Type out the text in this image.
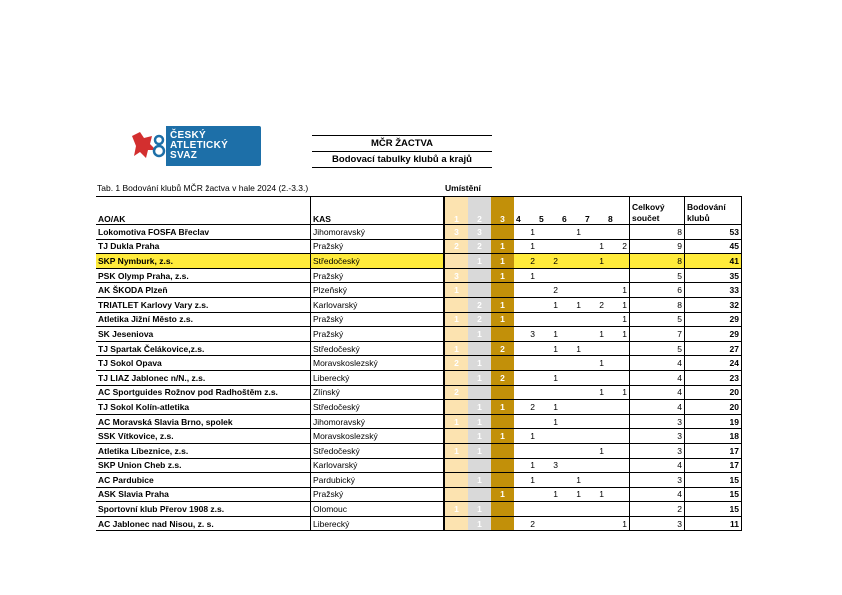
ČESKÝ
ATLETICKÝ
SVAZ
MČR ŽACTVA
Bodovací tabulky klubů a krajů
Tab. 1 Bodování klubů MČR žactva v hale 2024 (2.-3.3.)	Umístění
AO/AK	KAS	1	2	3	4	5	6	7	8	Celkový součet	Bodování klubů
Lokomotiva FOSFA Břeclav	Jihomoravský	3	3		1		1			8	53
TJ Dukla Praha	Pražský	2	2	1	1			1	2	9	45
SKP Nymburk, z.s.	Středočeský		1	1	2	2		1		8	41
PSK Olymp Praha, z.s.	Pražský	3		1	1					5	35
AK ŠKODA Plzeň	Plzeňský	1				2			1	6	33
TRIATLET Karlovy Vary z.s.	Karlovarský		2	1		1	1	2	1	8	32
Atletika Jižní Město z.s.	Pražský	1	2	1					1	5	29
SK Jeseniova	Pražský		1		3	1		1	1	7	29
TJ Spartak Čelákovice,z.s.	Středočeský	1		2		1	1			5	27
TJ Sokol Opava	Moravskoslezský	2	1					1		4	24
TJ LIAZ Jablonec n/N., z.s.	Liberecký		1	2		1				4	23
AC Sportguides Rožnov pod Radhoštěm z.s.	Zlínský	2						1	1	4	20
TJ Sokol Kolín-atletika	Středočeský		1	1	2	1				4	20
AC Moravská Slavia Brno, spolek	Jihomoravský	1	1			1				3	19
SSK Vítkovice, z.s.	Moravskoslezský		1	1	1					3	18
Atletika Líbeznice, z.s.	Středočeský	1	1					1		3	17
SKP Union Cheb z.s.	Karlovarský				1	3				4	17
AC Pardubice	Pardubický		1		1		1			3	15
ASK Slavia Praha	Pražský			1		1	1	1		4	15
Sportovní klub Přerov 1908 z.s.	Olomouc	1	1							2	15
AC Jablonec nad Nisou, z. s.	Liberecký		1		2				1	3	11
